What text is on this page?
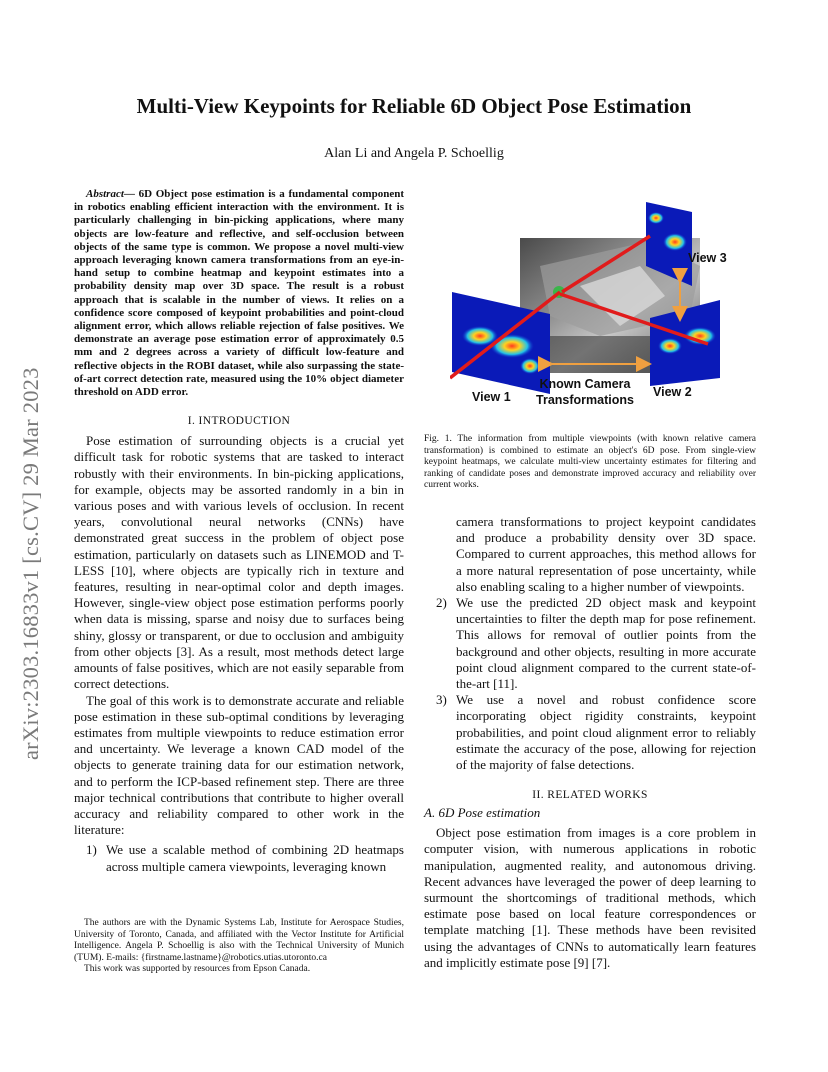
arXiv:2303.16833v1 [cs.CV] 29 Mar 2023
Multi-View Keypoints for Reliable 6D Object Pose Estimation
Alan Li and Angela P. Schoellig

Abstract— 6D Object pose estimation is a fundamental component in robotics enabling efficient interaction with the environment. It is particularly challenging in bin-picking applications, where many objects are low-feature and reflective, and self-occlusion between objects of the same type is common. We propose a novel multi-view approach leveraging known camera transformations from an eye-in-hand setup to combine heatmap and keypoint estimates into a probability density map over 3D space. The result is a robust approach that is scalable in the number of views. It relies on a confidence score composed of keypoint probabilities and point-cloud alignment error, which allows reliable rejection of false positives. We demonstrate an average pose estimation error of approximately 0.5 mm and 2 degrees across a variety of difficult low-feature and reflective objects in the ROBI dataset, while also surpassing the state-of-art correct detection rate, measured using the 10% object diameter threshold on ADD error.

I. INTRODUCTION

Pose estimation of surrounding objects is a crucial yet difficult task for robotic systems that are tasked to interact robustly with their environments. In bin-picking applications, for example, objects may be assorted randomly in a bin in various poses and with various levels of occlusion. In recent years, convolutional neural networks (CNNs) have demonstrated great success in the problem of object pose estimation, particularly on datasets such as LINEMOD and T-LESS [10], where objects are typically rich in texture and features, resulting in near-optimal color and depth images. However, single-view object pose estimation performs poorly when data is missing, sparse and noisy due to surfaces being shiny, glossy or transparent, or due to occlusion and ambiguity from other objects [3]. As a result, most methods detect large amounts of false positives, which are not easily separable from correct detections.

The goal of this work is to demonstrate accurate and reliable pose estimation in these sub-optimal conditions by leveraging estimates from multiple viewpoints to reduce estimation error and uncertainty. We leverage a known CAD model of the objects to generate training data for our estimation network, and to perform the ICP-based refinement step. There are three major technical contributions that contribute to higher overall accuracy and reliability compared to other work in the literature:

1) We use a scalable method of combining 2D heatmaps across multiple camera viewpoints, leveraging known

The authors are with the Dynamic Systems Lab, Institute for Aerospace Studies, University of Toronto, Canada, and affiliated with the Vector Institute for Artificial Intelligence. Angela P. Schoellig is also with the Technical University of Munich (TUM). E-mails: {firstname.lastname}@robotics.utias.utoronto.ca

This work was supported by resources from Epson Canada.

View 1	View 2
View 3
Known Camera
Transformations

Fig. 1. The information from multiple viewpoints (with known relative camera transformation) is combined to estimate an object's 6D pose. From single-view keypoint heatmaps, we calculate multi-view uncertainty estimates for filtering and ranking of candidate poses and demonstrate improved accuracy and reliability over current works.

camera transformations to project keypoint candidates and produce a probability density over 3D space. Compared to current approaches, this method allows for a more natural representation of pose uncertainty, while also enabling scaling to a higher number of viewpoints.
2) We use the predicted 2D object mask and keypoint uncertainties to filter the depth map for pose refinement. This allows for removal of outlier points from the background and other objects, resulting in more accurate point cloud alignment compared to the current state-of-the-art [11].
3) We use a novel and robust confidence score incorporating object rigidity constraints, keypoint probabilities, and point cloud alignment error to reliably estimate the accuracy of the pose, allowing for rejection of the majority of false detections.

II. RELATED WORKS

A. 6D Pose estimation

Object pose estimation from images is a core problem in computer vision, with numerous applications in robotic manipulation, augmented reality, and autonomous driving. Recent advances have leveraged the power of deep learning to surmount the shortcomings of traditional methods, which estimate pose based on local feature correspondences or template matching [1]. These methods have been revisited using the advantages of CNNs to automatically learn features and implicitly estimate pose [9] [7].
